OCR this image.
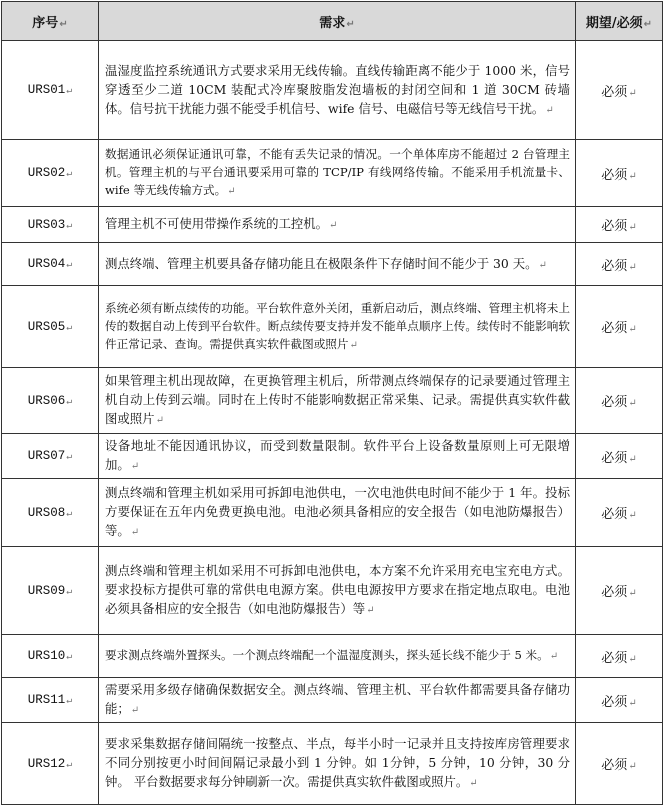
序号↵	需求↵	期望/必须↵
URS01↵	温湿度监控系统通讯方式要求采用无线传输。直线传输距离不能少于 1000 米，信号穿透至少二道 10CM 装配式冷库聚胺脂发泡墙板的封闭空间和 1 道 30CM 砖墙体。信号抗干扰能力强不能受手机信号、wife 信号、电磁信号等无线信号干扰。↵	必须↵
URS02↵	数据通讯必须保证通讯可靠，不能有丢失记录的情况。一个单体库房不能超过 2 台管理主机。管理主机的与平台通讯要采用可靠的 TCP/IP 有线网络传输。不能采用手机流量卡、wife 等无线传输方式。↵	必须↵
URS03↵	管理主机不可使用带操作系统的工控机。↵	必须↵
URS04↵	测点终端、管理主机要具备存储功能且在极限条件下存储时间不能少于 30 天。↵	必须↵
URS05↵	系统必须有断点续传的功能。平台软件意外关闭，重新启动后，测点终端、管理主机将未上传的数据自动上传到平台软件。断点续传要支持并发不能单点顺序上传。续传时不能影响软件正常记录、查询。需提供真实软件截图或照片↵	必须↵
URS06↵	如果管理主机出现故障，在更换管理主机后，所带测点终端保存的记录要通过管理主机自动上传到云端。同时在上传时不能影响数据正常采集、记录。需提供真实软件截图或照片↵	必须↵
URS07↵	设备地址不能因通讯协议，而受到数量限制。软件平台上设备数量原则上可无限增加。↵	必须↵
URS08↵	测点终端和管理主机如采用可拆卸电池供电，一次电池供电时间不能少于 1 年。投标方要保证在五年内免费更换电池。电池必须具备相应的安全报告（如电池防爆报告）等。↵	必须↵
URS09↵	测点终端和管理主机如采用不可拆卸电池供电，本方案不允许采用充电宝充电方式。要求投标方提供可靠的常供电电源方案。供电电源按甲方要求在指定地点取电。电池必须具备相应的安全报告（如电池防爆报告）等↵	必须↵
URS10↵	要求测点终端外置探头。一个测点终端配一个温湿度测头，探头延长线不能少于 5 米。↵	必须↵
URS11↵	需要采用多级存储确保数据安全。测点终端、管理主机、平台软件都需要具备存储功能；↵	必须↵
URS12↵	要求采集数据存储间隔统一按整点、半点，每半小时一记录并且支持按库房管理要求不同分别按更小时间间隔记录最小到 1 分钟。如 1分钟，5 分钟，10 分钟，30 分钟。 平台数据要求每分钟刷新一次。需提供真实软件截图或照片。↵	必须↵
